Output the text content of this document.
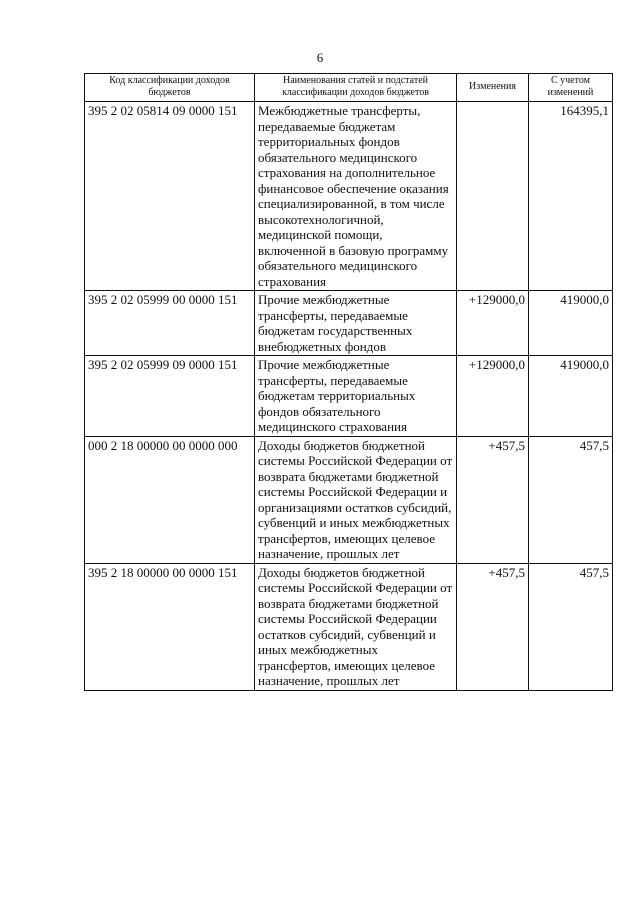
6
Код классификации доходов бюджетов	Наименования статей и подстатей классификации доходов бюджетов	Изменения	С учетом изменений
395 2 02 05814 09 0000 151	Межбюджетные трансферты, передаваемые бюджетам территориальных фондов обязательного медицинского страхования на дополнительное финансовое обеспечение оказания специализированной, в том числе высокотехнологичной, медицинской помощи, включенной в базовую программу обязательного медицинского страхования		164395,1
395 2 02 05999 00 0000 151	Прочие межбюджетные трансферты, передаваемые бюджетам государственных внебюджетных фондов	+129000,0	419000,0
395 2 02 05999 09 0000 151	Прочие межбюджетные трансферты, передаваемые бюджетам территориальных фондов обязательного медицинского страхования	+129000,0	419000,0
000 2 18 00000 00 0000 000	Доходы бюджетов бюджетной системы Российской Федерации от возврата бюджетами бюджетной системы Российской Федерации и организациями остатков субсидий, субвенций и иных межбюджетных трансфертов, имеющих целевое назначение, прошлых лет	+457,5	457,5
395 2 18 00000 00 0000 151	Доходы бюджетов бюджетной системы Российской Федерации от возврата бюджетами бюджетной системы Российской Федерации остатков субсидий, субвенций и иных межбюджетных трансфертов, имеющих целевое назначение, прошлых лет	+457,5	457,5
